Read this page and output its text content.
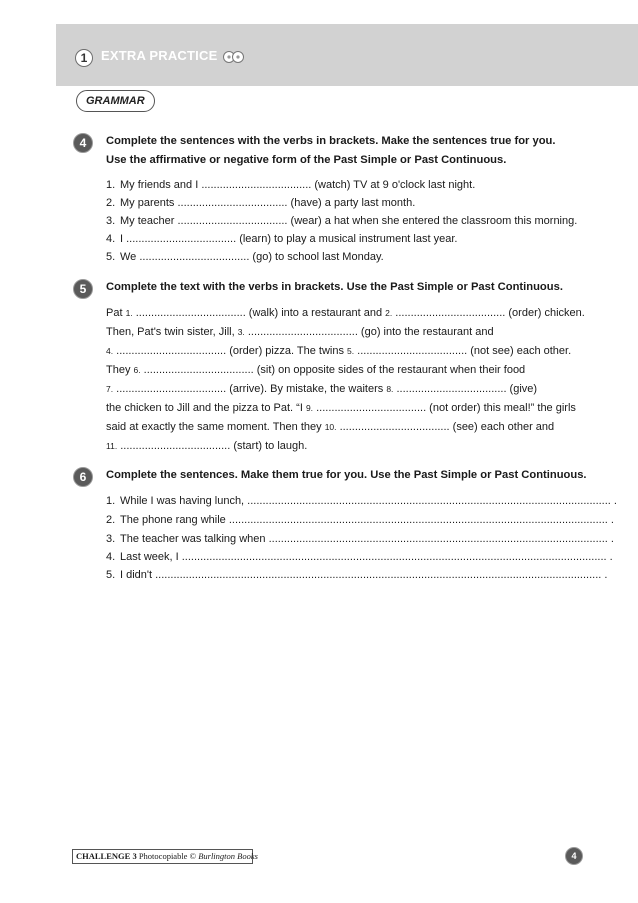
1	EXTRA PRACTICE
GRAMMAR
4	Complete the sentences with the verbs in brackets. Make the sentences true for you.
Use the affirmative or negative form of the Past Simple or Past Continuous.
1. My friends and I .................................... (watch) TV at 9 o'clock last night.
2. My parents .................................... (have) a party last month.
3. My teacher .................................... (wear) a hat when she entered the classroom this morning.
4. I .................................... (learn) to play a musical instrument last year.
5. We .................................... (go) to school last Monday.
5	Complete the text with the verbs in brackets. Use the Past Simple or Past Continuous.
Pat 1. .................................... (walk) into a restaurant and 2. .................................... (order) chicken.
Then, Pat's twin sister, Jill, 3. .................................... (go) into the restaurant and
4. .................................... (order) pizza. The twins 5. .................................... (not see) each other.
They 6. .................................... (sit) on opposite sides of the restaurant when their food
7. .................................... (arrive). By mistake, the waiters 8. .................................... (give)
the chicken to Jill and the pizza to Pat. “I 9. .................................... (not order) this meal!” the girls
said at exactly the same moment. Then they 10. .................................... (see) each other and
11. .................................... (start) to laugh.
6	Complete the sentences. Make them true for you. Use the Past Simple or Past Continuous.
1. While I was having lunch, ....................................................................................................................... .
2. The phone rang while ............................................................................................................................ .
3. The teacher was talking when ............................................................................................................... .
4. Last week, I ........................................................................................................................................... .
5. I didn't .................................................................................................................................................. .
CHALLENGE 3 Photocopiable © Burlington Books	4
